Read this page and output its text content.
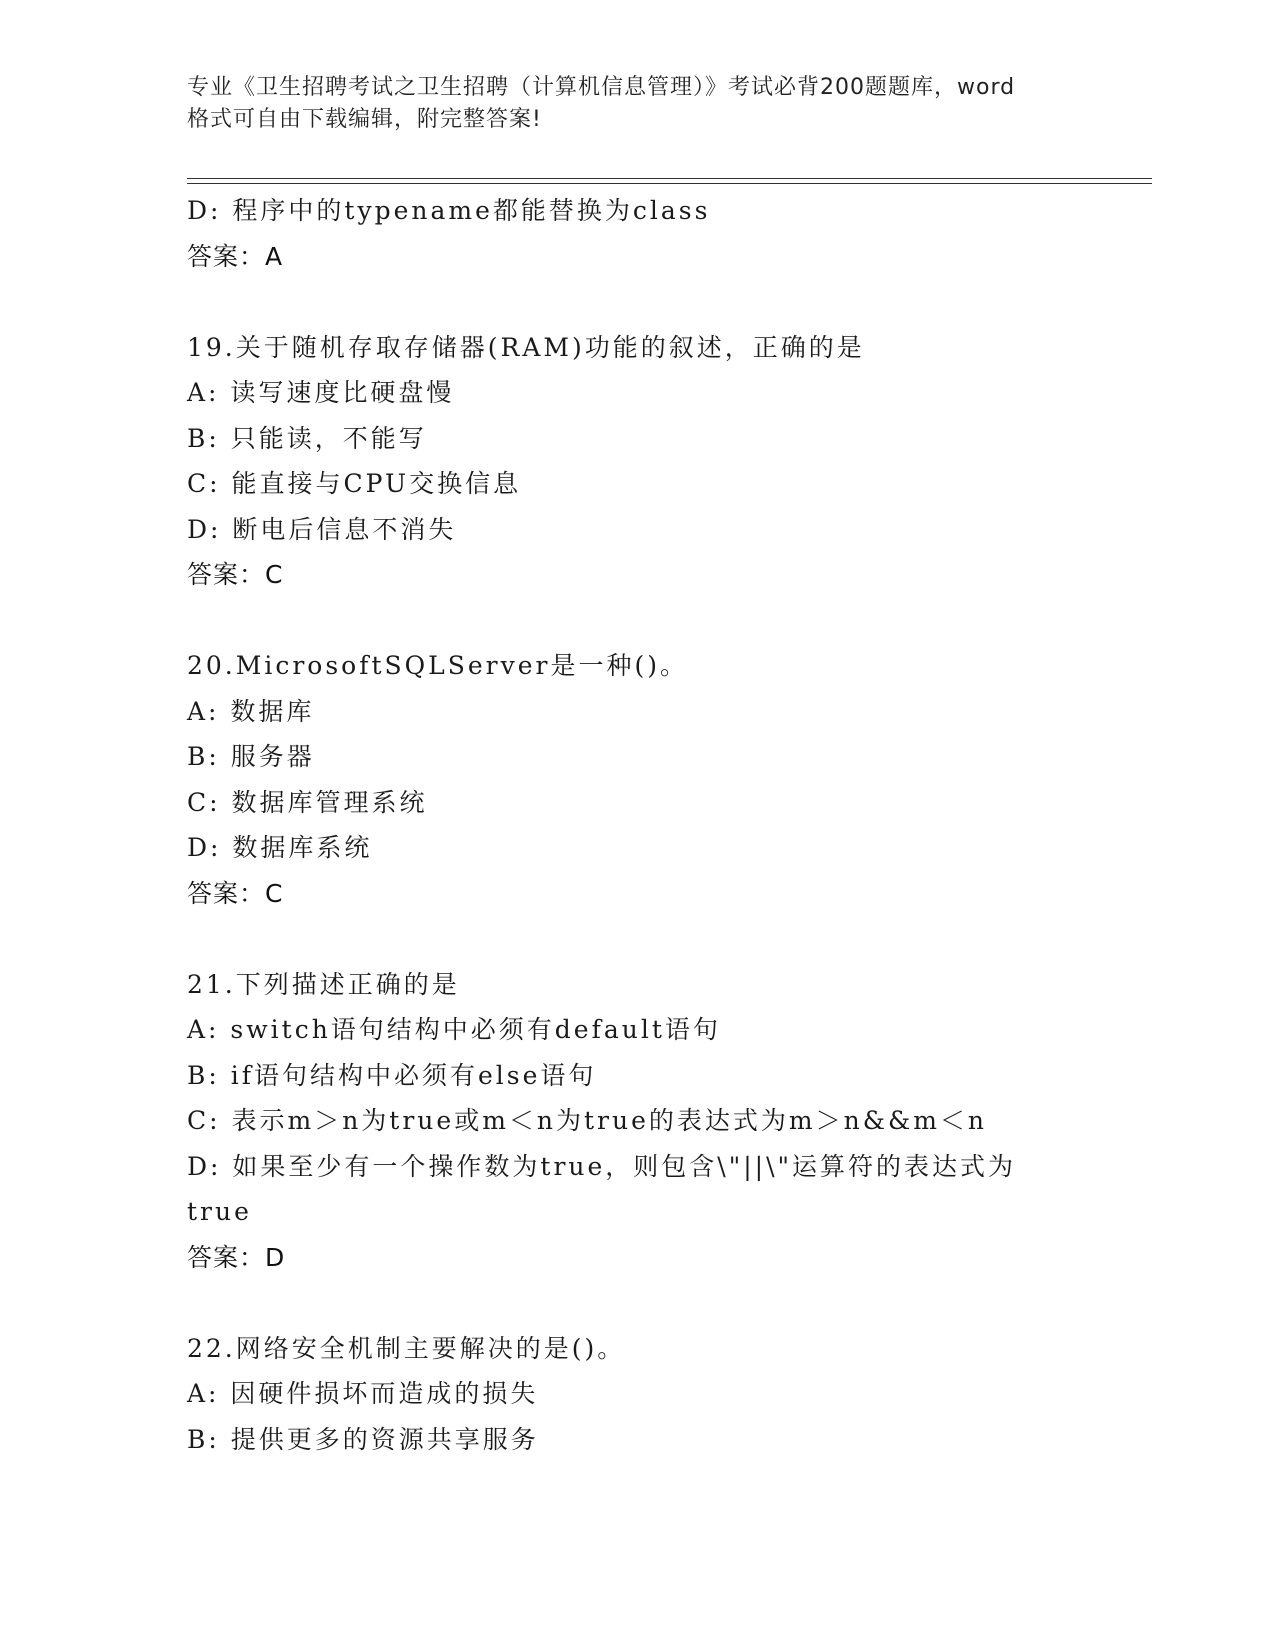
专业《卫生招聘考试之卫生招聘（计算机信息管理）》考试必背200题题库，word
格式可自由下载编辑，附完整答案!
D: 程序中的typename都能替换为class
答案：A
19.关于随机存取存储器(RAM)功能的叙述，正确的是
A: 读写速度比硬盘慢
B: 只能读，不能写
C: 能直接与CPU交换信息
D: 断电后信息不消失
答案：C
20.MicrosoftSQLServer是一种()。
A: 数据库
B: 服务器
C: 数据库管理系统
D: 数据库系统
答案：C
21.下列描述正确的是
A: switch语句结构中必须有default语句
B: if语句结构中必须有else语句
C: 表示m＞n为true或m＜n为true的表达式为m＞n&&m＜n
D: 如果至少有一个操作数为true，则包含\"||\"运算符的表达式为
true
答案：D
22.网络安全机制主要解决的是()。
A: 因硬件损坏而造成的损失
B: 提供更多的资源共享服务
